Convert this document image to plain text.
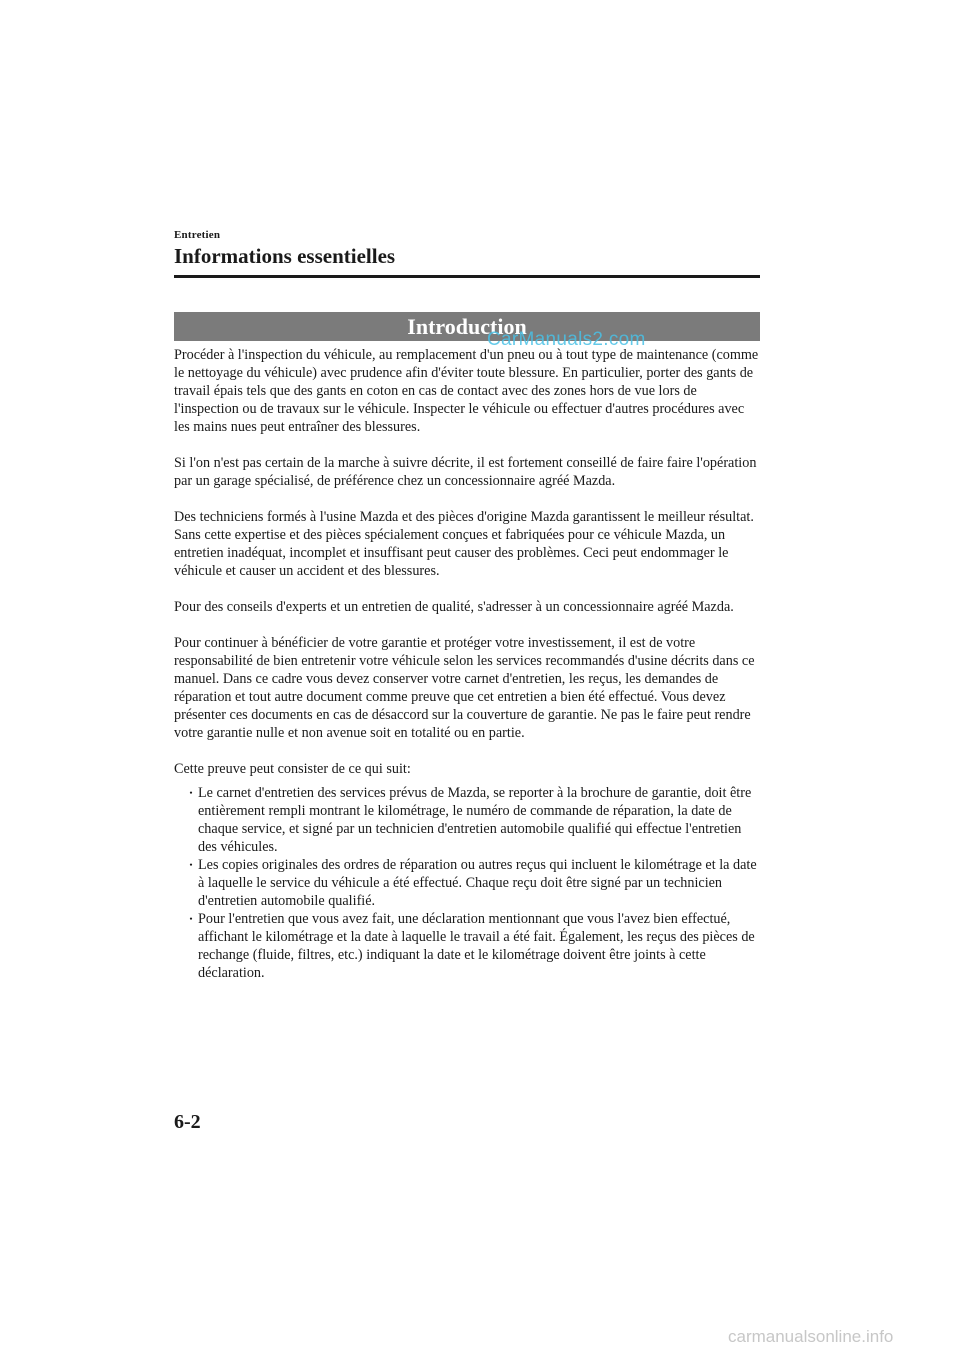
Entretien
Informations essentielles
Introduction
CarManuals2.com

Procéder à l'inspection du véhicule, au remplacement d'un pneu ou à tout type de maintenance (comme le nettoyage du véhicule) avec prudence afin d'éviter toute blessure. En particulier, porter des gants de travail épais tels que des gants en coton en cas de contact avec des zones hors de vue lors de l'inspection ou de travaux sur le véhicule. Inspecter le véhicule ou effectuer d'autres procédures avec les mains nues peut entraîner des blessures.

Si l'on n'est pas certain de la marche à suivre décrite, il est fortement conseillé de faire faire l'opération par un garage spécialisé, de préférence chez un concessionnaire agréé Mazda.

Des techniciens formés à l'usine Mazda et des pièces d'origine Mazda garantissent le meilleur résultat. Sans cette expertise et des pièces spécialement conçues et fabriquées pour ce véhicule Mazda, un entretien inadéquat, incomplet et insuffisant peut causer des problèmes. Ceci peut endommager le véhicule et causer un accident et des blessures.

Pour des conseils d'experts et un entretien de qualité, s'adresser à un concessionnaire agréé Mazda.

Pour continuer à bénéficier de votre garantie et protéger votre investissement, il est de votre responsabilité de bien entretenir votre véhicule selon les services recommandés d'usine décrits dans ce manuel. Dans ce cadre vous devez conserver votre carnet d'entretien, les reçus, les demandes de réparation et tout autre document comme preuve que cet entretien a bien été effectué. Vous devez présenter ces documents en cas de désaccord sur la couverture de garantie. Ne pas le faire peut rendre votre garantie nulle et non avenue soit en totalité ou en partie.

Cette preuve peut consister de ce qui suit:

・ Le carnet d'entretien des services prévus de Mazda, se reporter à la brochure de garantie, doit être entièrement rempli montrant le kilométrage, le numéro de commande de réparation, la date de chaque service, et signé par un technicien d'entretien automobile qualifié qui effectue l'entretien des véhicules.
・ Les copies originales des ordres de réparation ou autres reçus qui incluent le kilométrage et la date à laquelle le service du véhicule a été effectué. Chaque reçu doit être signé par un technicien d'entretien automobile qualifié.
・ Pour l'entretien que vous avez fait, une déclaration mentionnant que vous l'avez bien effectué, affichant le kilométrage et la date à laquelle le travail a été fait. Également, les reçus des pièces de rechange (fluide, filtres, etc.) indiquant la date et le kilométrage doivent être joints à cette déclaration.
6-2
carmanualsonline.info
